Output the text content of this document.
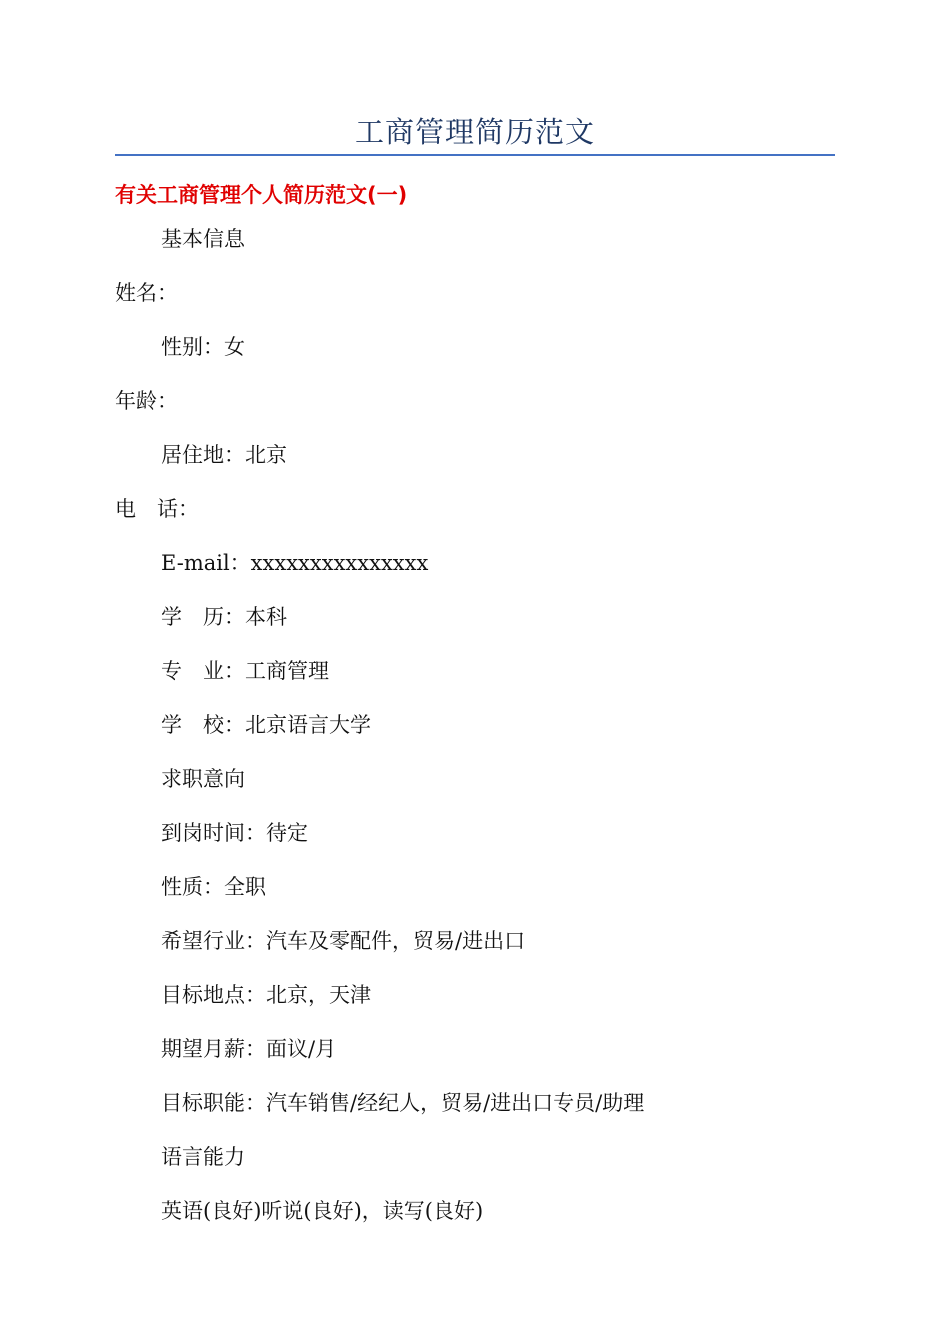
工商管理简历范文
有关工商管理个人简历范文(一)
基本信息
姓名：
性别：女
年龄：
居住地：北京
电　话：
E-mail：xxxxxxxxxxxxxxx
学　历：本科
专　业：工商管理
学　校：北京语言大学
求职意向
到岗时间：待定
性质：全职
希望行业：汽车及零配件，贸易/进出口
目标地点：北京，天津
期望月薪：面议/月
目标职能：汽车销售/经纪人，贸易/进出口专员/助理
语言能力
英语(良好)听说(良好)，读写(良好)
